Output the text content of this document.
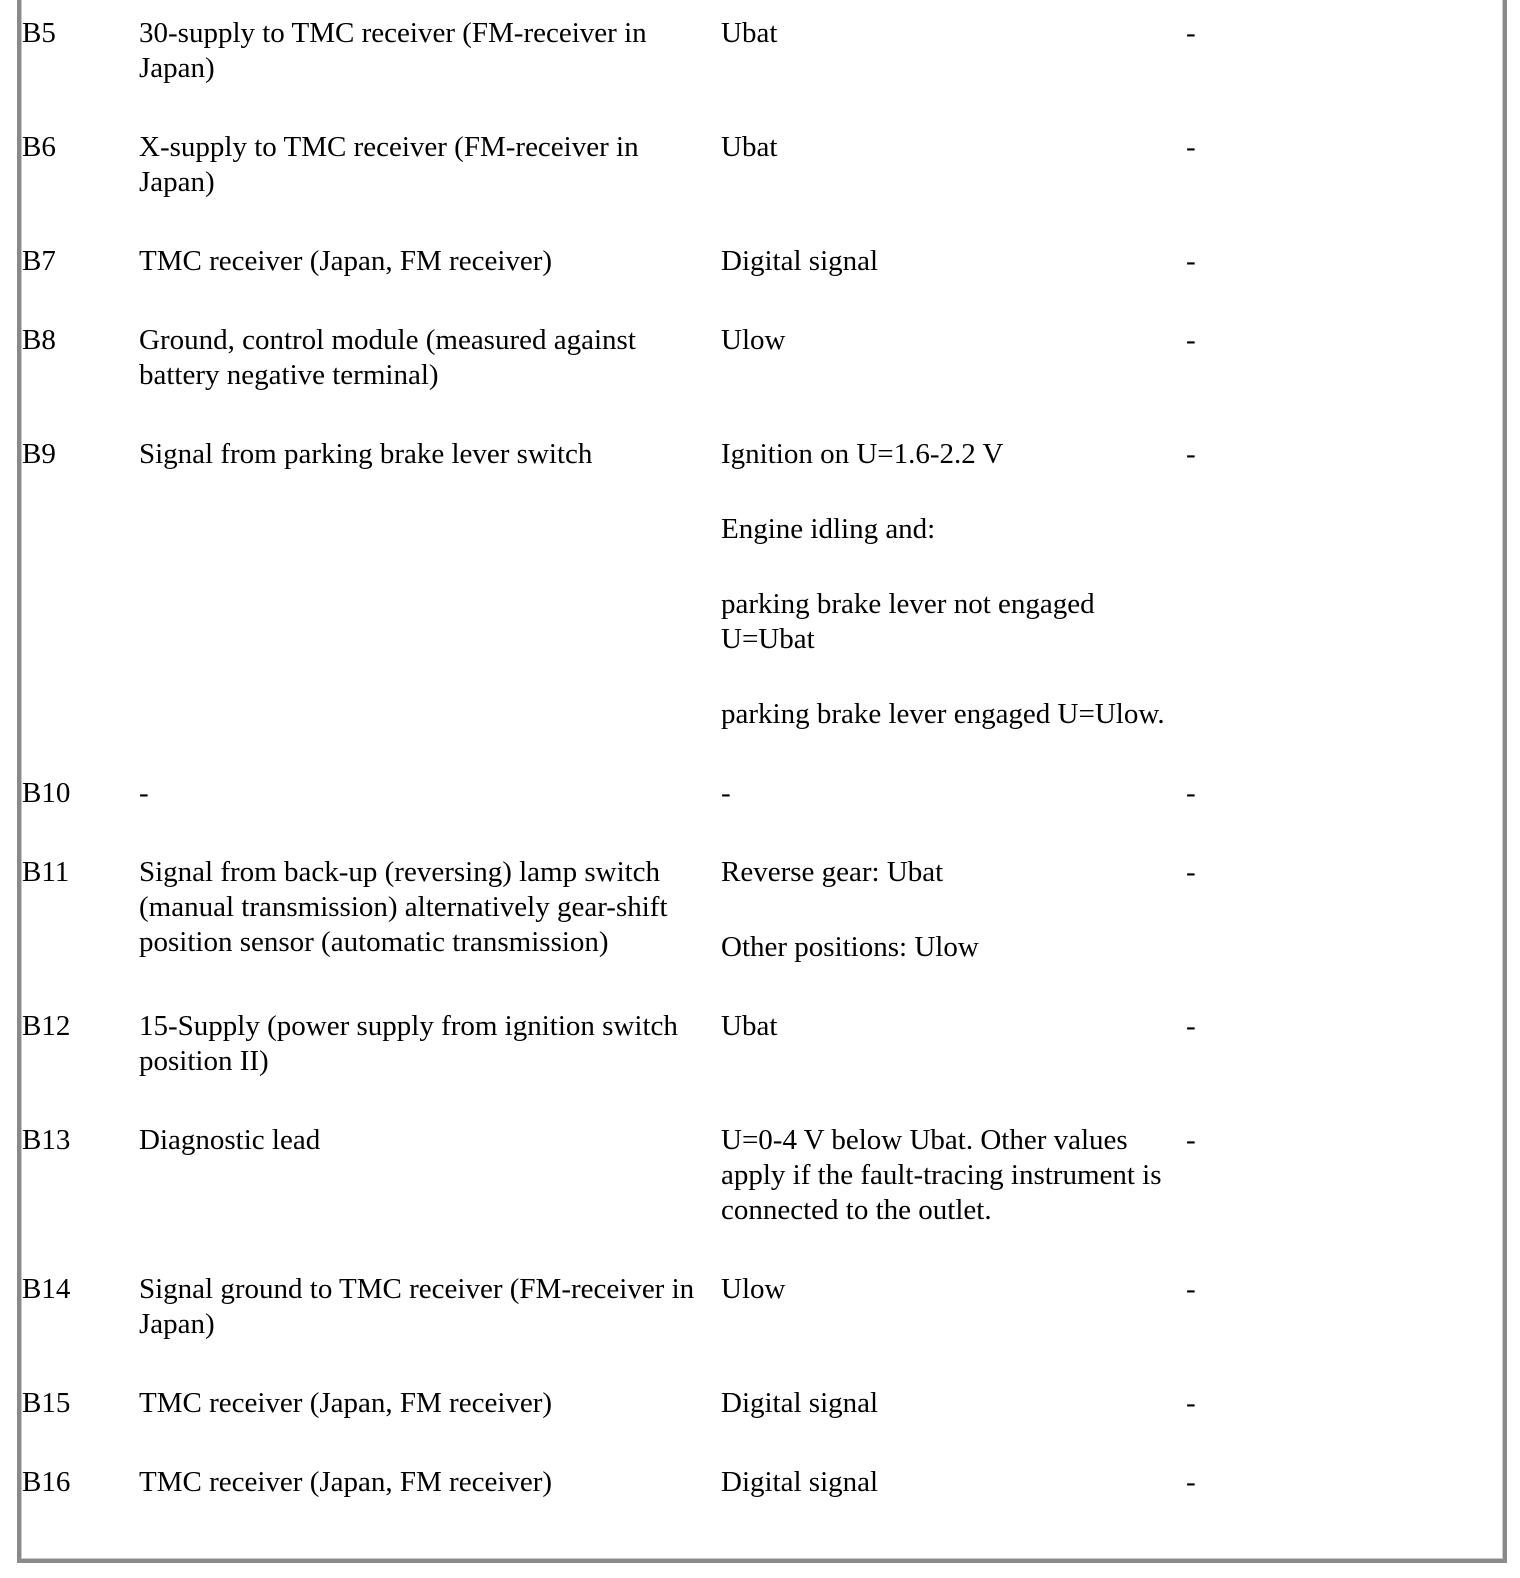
B5	30-supply to TMC receiver (FM-receiver in Japan)	Ubat	-

B6	X-supply to TMC receiver (FM-receiver in Japan)	Ubat	-

B7	TMC receiver (Japan, FM receiver)	Digital signal	-

B8	Ground, control module (measured against battery negative terminal)	Ulow	-

B9	Signal from parking brake lever switch	Ignition on U=1.6-2.2 V
Engine idling and:
parking brake lever not engaged U=Ubat
parking brake lever engaged U=Ulow.	-

B10	-	-	-

B11	Signal from back-up (reversing) lamp switch (manual transmission) alternatively gear-shift position sensor (automatic transmission)	Reverse gear: Ubat
Other positions: Ulow	-

B12	15-Supply (power supply from ignition switch position II)	Ubat	-

B13	Diagnostic lead	U=0-4 V below Ubat. Other values apply if the fault-tracing instrument is connected to the outlet.	-

B14	Signal ground to TMC receiver (FM-receiver in Japan)	Ulow	-

B15	TMC receiver (Japan, FM receiver)	Digital signal	-

B16	TMC receiver (Japan, FM receiver)	Digital signal	-
